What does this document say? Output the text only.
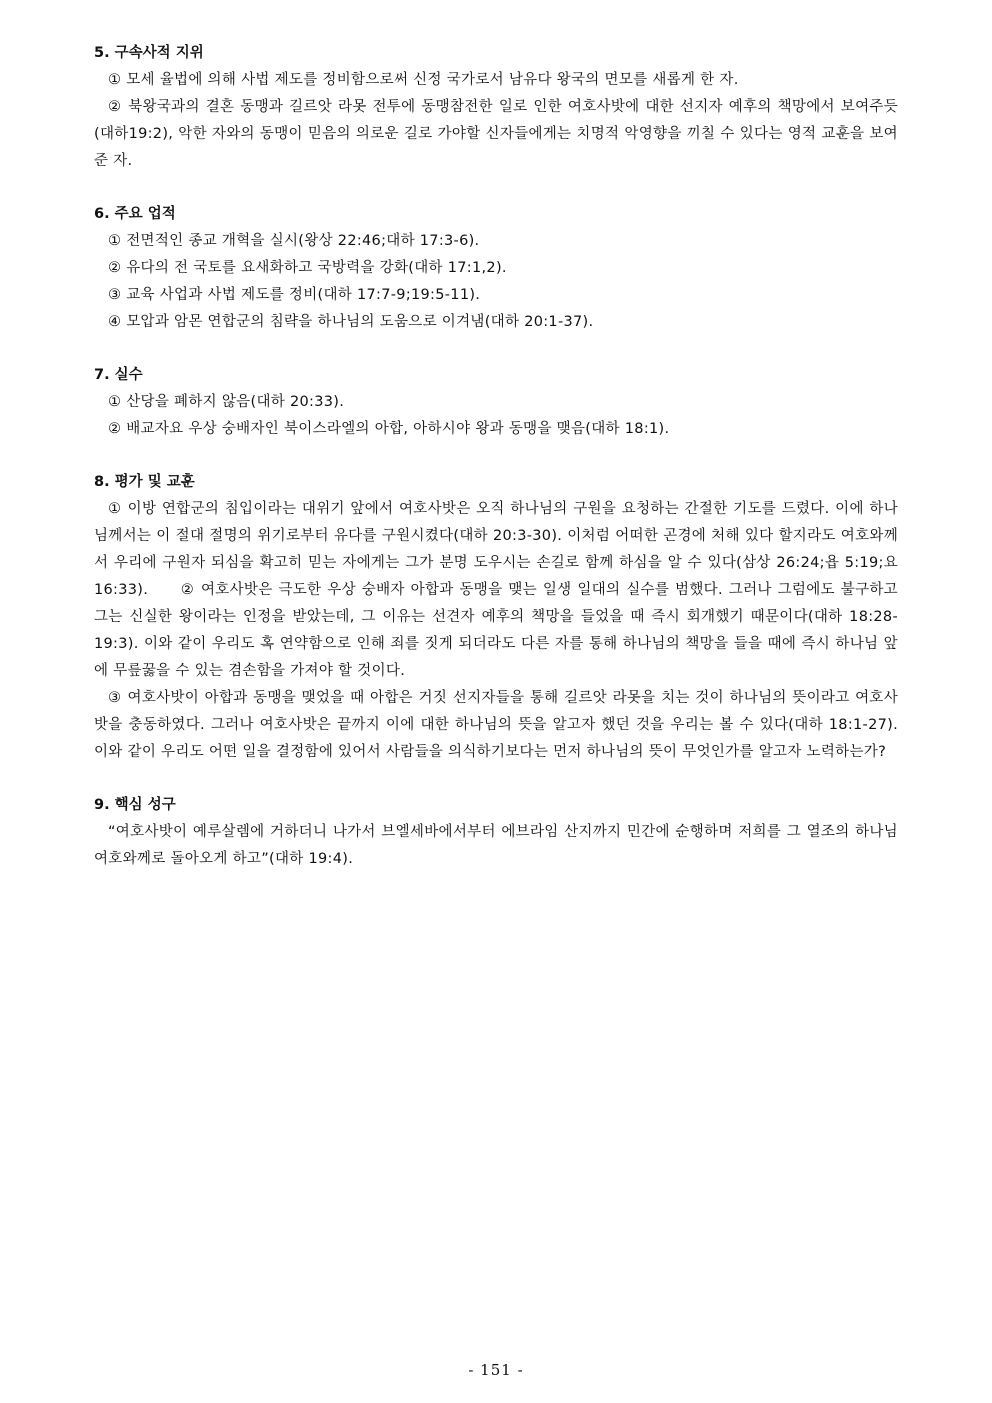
5. 구속사적 지위

① 모세 율법에 의해 사법 제도를 정비함으로써 신정 국가로서 남유다 왕국의 면모를 새롭게 한 자.

② 북왕국과의 결혼 동맹과 길르앗 라못 전투에 동맹참전한 일로 인한 여호사밧에 대한 선지자 예후의 책망에서 보여주듯(대하19:2), 악한 자와의 동맹이 믿음의 의로운 길로 가야할 신자들에게는 치명적 악영향을 끼칠 수 있다는 영적 교훈을 보여준 자.

6. 주요 업적

① 전면적인 종교 개혁을 실시(왕상 22:46;대하 17:3-6).

② 유다의 전 국토를 요새화하고 국방력을 강화(대하 17:1,2).

③ 교육 사업과 사법 제도를 정비(대하 17:7-9;19:5-11).

④ 모압과 암몬 연합군의 침략을 하나님의 도움으로 이겨냄(대하 20:1-37).

7. 실수

① 산당을 폐하지 않음(대하 20:33).

② 배교자요 우상 숭배자인 북이스라엘의 아합, 아하시야 왕과 동맹을 맺음(대하 18:1).

8. 평가 및 교훈

① 이방 연합군의 침입이라는 대위기 앞에서 여호사밧은 오직 하나님의 구원을 요청하는 간절한 기도를 드렸다. 이에 하나님께서는 이 절대 절명의 위기로부터 유다를 구원시켰다(대하 20:3-30). 이처럼 어떠한 곤경에 처해 있다 할지라도 여호와께서 우리에 구원자 되심을 확고히 믿는 자에게는 그가 분명 도우시는 손길로 함께 하심을 알 수 있다(삼상 26:24;욥 5:19;요 16:33).　　② 여호사밧은 극도한 우상 숭배자 아합과 동맹을 맺는 일생 일대의 실수를 범했다. 그러나 그럼에도 불구하고 그는 신실한 왕이라는 인정을 받았는데, 그 이유는 선견자 예후의 책망을 들었을 때 즉시 회개했기 때문이다(대하 18:28-19:3). 이와 같이 우리도 혹 연약함으로 인해 죄를 짓게 되더라도 다른 자를 통해 하나님의 책망을 들을 때에 즉시 하나님 앞에 무릎꿇을 수 있는 겸손함을 가져야 할 것이다.

③ 여호사밧이 아합과 동맹을 맺었을 때 아합은 거짓 선지자들을 통해 길르앗 라못을 치는 것이 하나님의 뜻이라고 여호사밧을 충동하였다. 그러나 여호사밧은 끝까지 이에 대한 하나님의 뜻을 알고자 했던 것을 우리는 볼 수 있다(대하 18:1-27). 이와 같이 우리도 어떤 일을 결정함에 있어서 사람들을 의식하기보다는 먼저 하나님의 뜻이 무엇인가를 알고자 노력하는가?

9. 핵심 성구

“여호사밧이 예루살렘에 거하더니 나가서 브엘세바에서부터 에브라임 산지까지 민간에 순행하며 저희를 그 열조의 하나님 여호와께로 돌아오게 하고”(대하 19:4).

- 151 -
